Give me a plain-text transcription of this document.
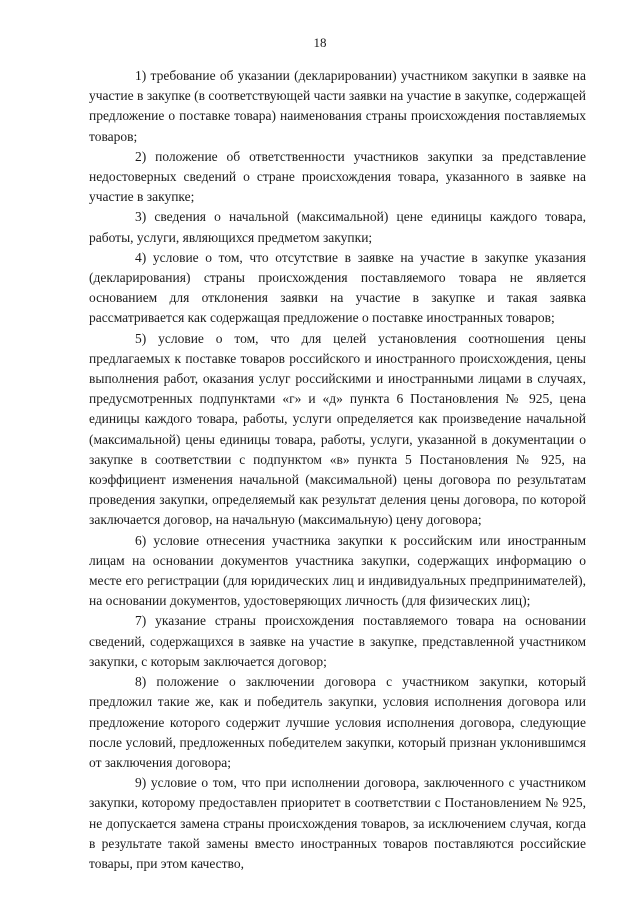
18

1) требование об указании (декларировании) участником закупки в заявке на участие в закупке (в соответствующей части заявки на участие в закупке, содержащей предложение о поставке товара) наименования страны происхождения поставляемых товаров;

2) положение об ответственности участников закупки за представление недостоверных сведений о стране происхождения товара, указанного в заявке на участие в закупке;

3) сведения о начальной (максимальной) цене единицы каждого товара, работы, услуги, являющихся предметом закупки;

4) условие о том, что отсутствие в заявке на участие в закупке указания (декларирования) страны происхождения поставляемого товара не является основанием для отклонения заявки на участие в закупке и такая заявка рассматривается как содержащая предложение о поставке иностранных товаров;

5) условие о том, что для целей установления соотношения цены предлагаемых к поставке товаров российского и иностранного происхождения, цены выполнения работ, оказания услуг российскими и иностранными лицами в случаях, предусмотренных подпунктами «г» и «д» пункта 6 Постановления № 925, цена единицы каждого товара, работы, услуги определяется как произведение начальной (максимальной) цены единицы товара, работы, услуги, указанной в документации о закупке в соответствии с подпунктом «в» пункта 5 Постановления № 925, на коэффициент изменения начальной (максимальной) цены договора по результатам проведения закупки, определяемый как результат деления цены договора, по которой заключается договор, на начальную (максимальную) цену договора;

6) условие отнесения участника закупки к российским или иностранным лицам на основании документов участника закупки, содержащих информацию о месте его регистрации (для юридических лиц и индивидуальных предпринимателей), на основании документов, удостоверяющих личность (для физических лиц);

7) указание страны происхождения поставляемого товара на основании сведений, содержащихся в заявке на участие в закупке, представленной участником закупки, с которым заключается договор;

8) положение о заключении договора с участником закупки, который предложил такие же, как и победитель закупки, условия исполнения договора или предложение которого содержит лучшие условия исполнения договора, следующие после условий, предложенных победителем закупки, который признан уклонившимся от заключения договора;

9) условие о том, что при исполнении договора, заключенного с участником закупки, которому предоставлен приоритет в соответствии с Постановлением № 925, не допускается замена страны происхождения товаров, за исключением случая, когда в результате такой замены вместо иностранных товаров поставляются российские товары, при этом качество,
